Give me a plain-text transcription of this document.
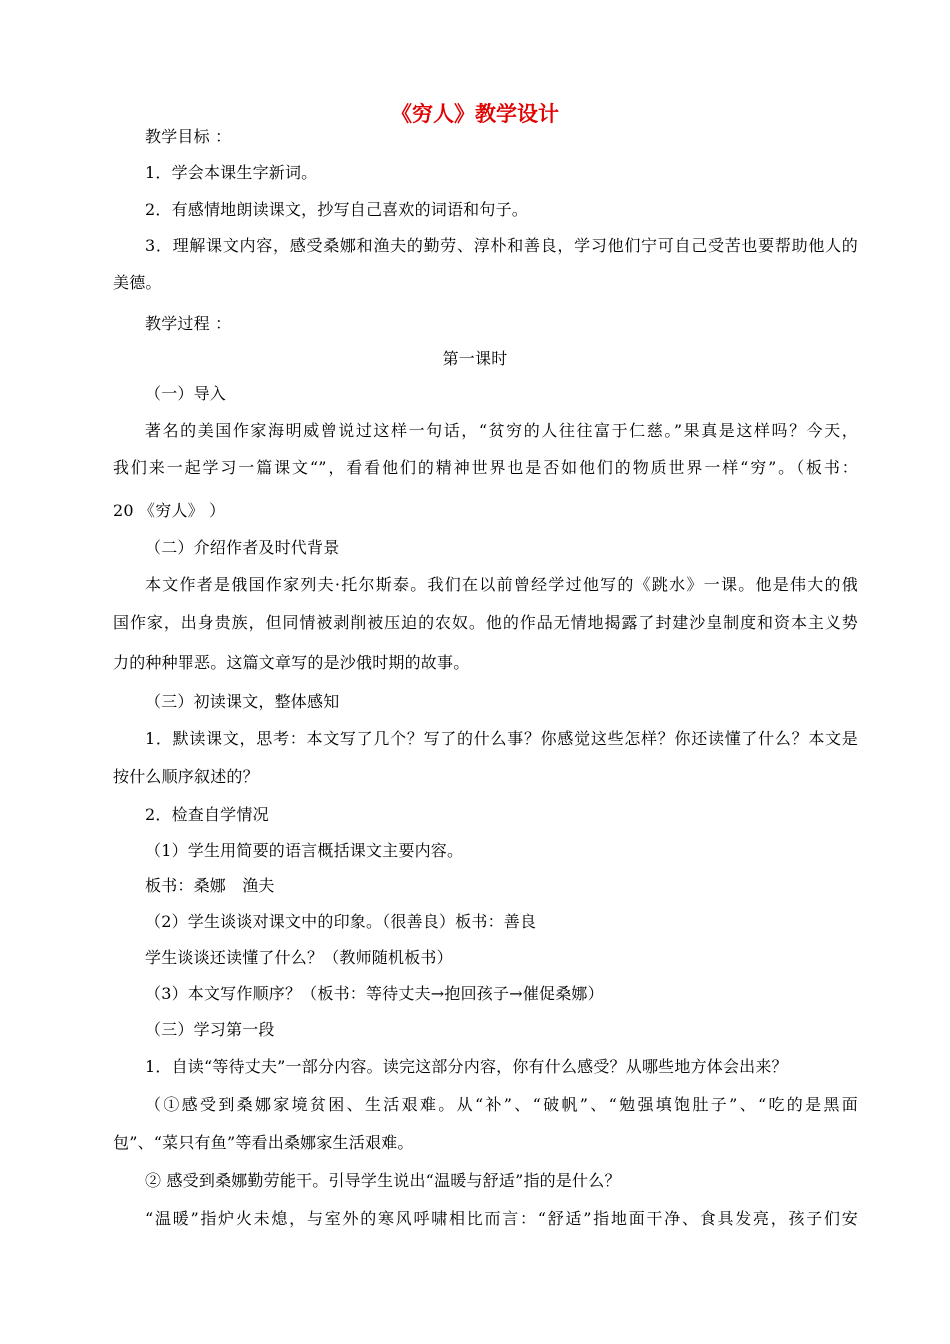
《穷人》教学设计
教学目标 ：
1．学会本课生字新词。
2．有感情地朗读课文，抄写自己喜欢的词语和句子。
3．理解课文内容，感受桑娜和渔夫的勤劳、淳朴和善良，学习他们宁可自己受苦也要帮助他人的
美德。
教学过程 ：
第一课时
（一）导入
著名的美国作家海明威曾说过这样一句话，“贫穷的人往往富于仁慈。”果真是这样吗？今天，
我们来一起学习一篇课文“”，看看他们的精神世界也是否如他们的物质世界一样“穷”。（板书：
20 《穷人》 ）
（二）介绍作者及时代背景
本文作者是俄国作家列夫·托尔斯泰。我们在以前曾经学过他写的《跳水》一课。他是伟大的俄
国作家，出身贵族，但同情被剥削被压迫的农奴。他的作品无情地揭露了封建沙皇制度和资本主义势
力的种种罪恶。这篇文章写的是沙俄时期的故事。
（三）初读课文，整体感知
1．默读课文，思考：本文写了几个？写了的什么事？你感觉这些怎样？你还读懂了什么？本文是
按什么顺序叙述的？
2．检查自学情况
（1）学生用简要的语言概括课文主要内容。
板书：桑娜　渔夫
（2）学生谈谈对课文中的印象。（很善良）板书：善良
学生谈谈还读懂了什么？（教师随机板书）
（3）本文写作顺序？（板书：等待丈夫→抱回孩子→催促桑娜）
（三）学习第一段
1．自读“等待丈夫”一部分内容。读完这部分内容，你有什么感受？从哪些地方体会出来？
（①感受到桑娜家境贫困、生活艰难。从“补”、“破帆”、“勉强填饱肚子”、“吃的是黑面
包”、“菜只有鱼”等看出桑娜家生活艰难。
② 感受到桑娜勤劳能干。引导学生说出“温暖与舒适”指的是什么？
“温暖”指炉火未熄，与室外的寒风呼啸相比而言：“舒适”指地面干净、食具发亮，孩子们安
